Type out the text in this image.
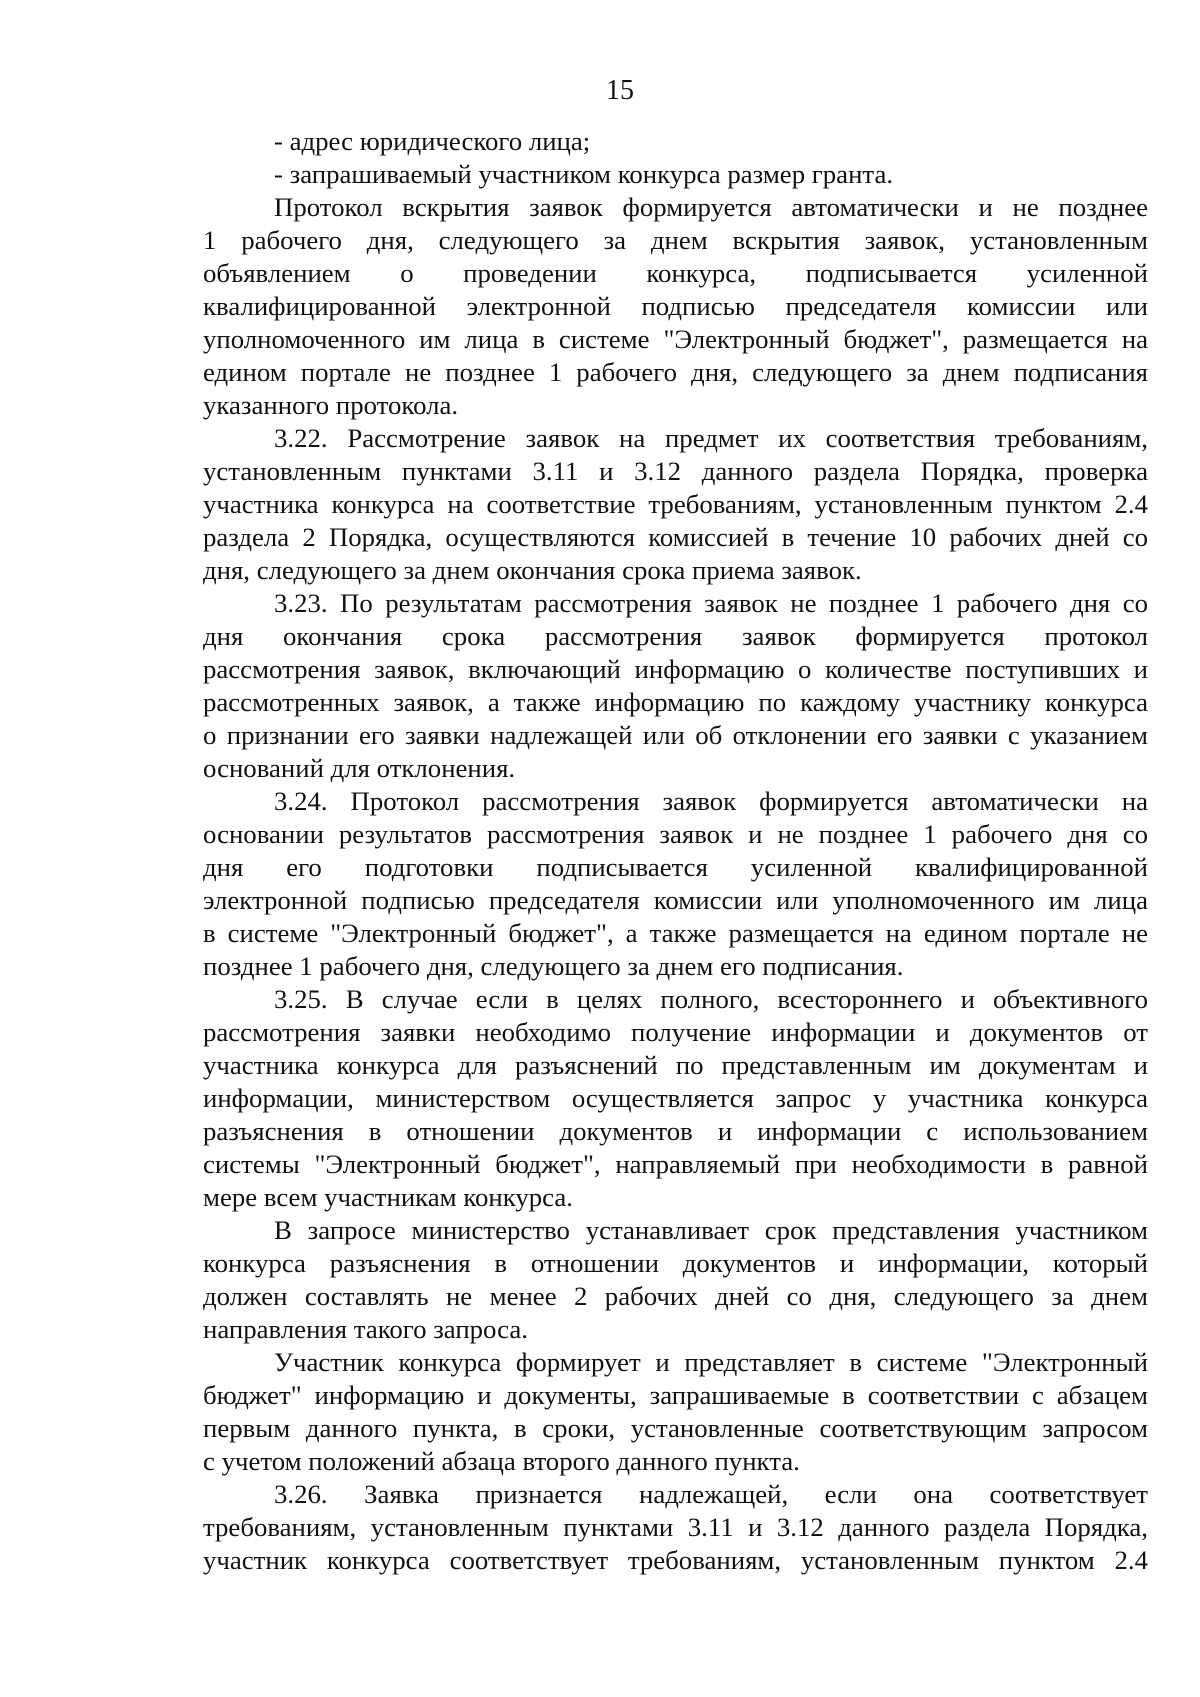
15
- адрес юридического лица;
- запрашиваемый участником конкурса размер гранта.
Протокол вскрытия заявок формируется автоматически и не позднее
1 рабочего дня, следующего за днем вскрытия заявок, установленным
объявлением о проведении конкурса, подписывается усиленной
квалифицированной электронной подписью председателя комиссии или
уполномоченного им лица в системе "Электронный бюджет", размещается на
едином портале не позднее 1 рабочего дня, следующего за днем подписания
указанного протокола.
3.22. Рассмотрение заявок на предмет их соответствия требованиям,
установленным пунктами 3.11 и 3.12 данного раздела Порядка, проверка
участника конкурса на соответствие требованиям, установленным пунктом 2.4
раздела 2 Порядка, осуществляются комиссией в течение 10 рабочих дней со
дня, следующего за днем окончания срока приема заявок.
3.23. По результатам рассмотрения заявок не позднее 1 рабочего дня со
дня окончания срока рассмотрения заявок формируется протокол
рассмотрения заявок, включающий информацию о количестве поступивших и
рассмотренных заявок, а также информацию по каждому участнику конкурса
о признании его заявки надлежащей или об отклонении его заявки с указанием
оснований для отклонения.
3.24. Протокол рассмотрения заявок формируется автоматически на
основании результатов рассмотрения заявок и не позднее 1 рабочего дня со
дня его подготовки подписывается усиленной квалифицированной
электронной подписью председателя комиссии или уполномоченного им лица
в системе "Электронный бюджет", а также размещается на едином портале не
позднее 1 рабочего дня, следующего за днем его подписания.
3.25. В случае если в целях полного, всестороннего и объективного
рассмотрения заявки необходимо получение информации и документов от
участника конкурса для разъяснений по представленным им документам и
информации, министерством осуществляется запрос у участника конкурса
разъяснения в отношении документов и информации с использованием
системы "Электронный бюджет", направляемый при необходимости в равной
мере всем участникам конкурса.
В запросе министерство устанавливает срок представления участником
конкурса разъяснения в отношении документов и информации, который
должен составлять не менее 2 рабочих дней со дня, следующего за днем
направления такого запроса.
Участник конкурса формирует и представляет в системе "Электронный
бюджет" информацию и документы, запрашиваемые в соответствии с абзацем
первым данного пункта, в сроки, установленные соответствующим запросом
с учетом положений абзаца второго данного пункта.
3.26. Заявка признается надлежащей, если она соответствует
требованиям, установленным пунктами 3.11 и 3.12 данного раздела Порядка,
участник конкурса соответствует требованиям, установленным пунктом 2.4
